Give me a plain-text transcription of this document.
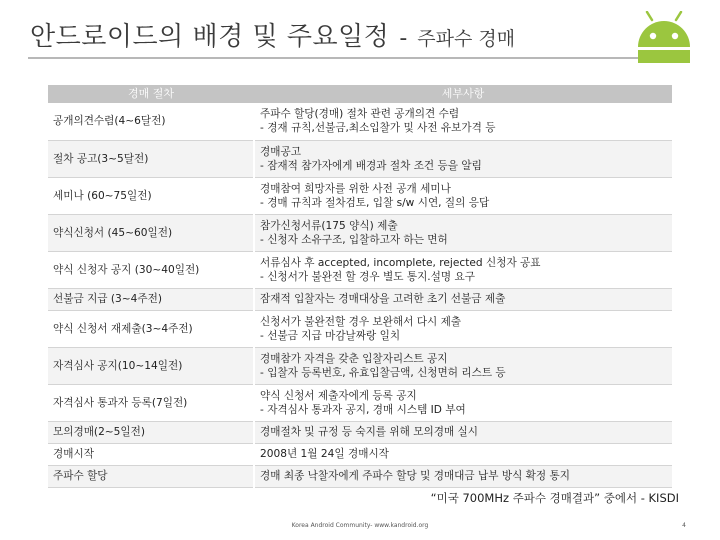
안드로이드의 배경 및 주요일정 - 주파수 경매
경매 절차	세부사항
공개의견수렴(4~6달전)	주파수 할당(경매) 절차 관련 공개의견 수렴
- 경재 규칙,선불금,최소입찰가 및 사전 유보가격 등

절차 공고(3~5달전)	경매공고
- 잠재적 참가자에게 배경과 절차 조건 등을 알림

세미나 (60~75일전)	경매참여 희망자를 위한 사전 공개 세미나
- 경매 규칙과 절차검토, 입찰 s/w 시연, 질의 응답

약식신청서 (45~60일전)	참가신청서류(175 양식) 제출
- 신청자 소유구조, 입찰하고자 하는 면허

약식 신청자 공지 (30~40일전)	서류심사 후 accepted, incomplete, rejected 신청자 공표
- 신청서가 불완전 할 경우 별도 통지.설명 요구

선불금 지급 (3~4주전)	잠재적 입찰자는 경매대상을 고려한 초기 선불금 제출

약식 신청서 재제출(3~4주전)	신청서가 불완전할 경우 보완해서 다시 제출
- 선불금 지급 마감날짜랑 일치

자격심사 공지(10~14일전)	경매참가 자격을 갖춘 입찰자리스트 공지
- 입찰자 등록번호, 유효입찰금액, 신청면허 리스트 등

자격심사 통과자 등록(7일전)	약식 신청서 제출자에게 등록 공지
- 자격심사 통과자 공지, 경매 시스템 ID 부여

모의경매(2~5일전)	경매절차 및 규정 등 숙지를 위해 모의경매 실시

경매시작	2008년 1월 24일 경매시작

주파수 할당	경매 최종 낙찰자에게 주파수 할당 및 경매대금 납부 방식 확정 통지
“미국 700MHz 주파수 경매결과” 중에서 - KISDI
Korea Android Community- www.kandroid.org	4
